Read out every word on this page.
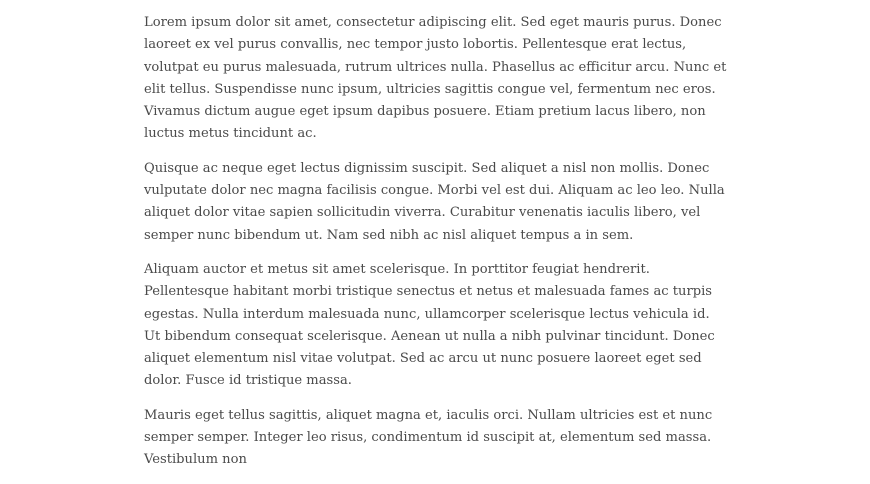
Lorem ipsum dolor sit amet, consectetur adipiscing elit. Sed eget mauris purus. Donec laoreet ex vel purus convallis, nec tempor justo lobortis. Pellentesque erat lectus, volutpat eu purus malesuada, rutrum ultrices nulla. Phasellus ac efficitur arcu. Nunc et elit tellus. Suspendisse nunc ipsum, ultricies sagittis congue vel, fermentum nec eros. Vivamus dictum augue eget ipsum dapibus posuere. Etiam pretium lacus libero, non luctus metus tincidunt ac.

Quisque ac neque eget lectus dignissim suscipit. Sed aliquet a nisl non mollis. Donec vulputate dolor nec magna facilisis congue. Morbi vel est dui. Aliquam ac leo leo. Nulla aliquet dolor vitae sapien sollicitudin viverra. Curabitur venenatis iaculis libero, vel semper nunc bibendum ut. Nam sed nibh ac nisl aliquet tempus a in sem.

Aliquam auctor et metus sit amet scelerisque. In porttitor feugiat hendrerit. Pellentesque habitant morbi tristique senectus et netus et malesuada fames ac turpis egestas. Nulla interdum malesuada nunc, ullamcorper scelerisque lectus vehicula id. Ut bibendum consequat scelerisque. Aenean ut nulla a nibh pulvinar tincidunt. Donec aliquet elementum nisl vitae volutpat. Sed ac arcu ut nunc posuere laoreet eget sed dolor. Fusce id tristique massa.

Mauris eget tellus sagittis, aliquet magna et, iaculis orci. Nullam ultricies est et nunc semper semper. Integer leo risus, condimentum id suscipit at, elementum sed massa. Vestibulum non
